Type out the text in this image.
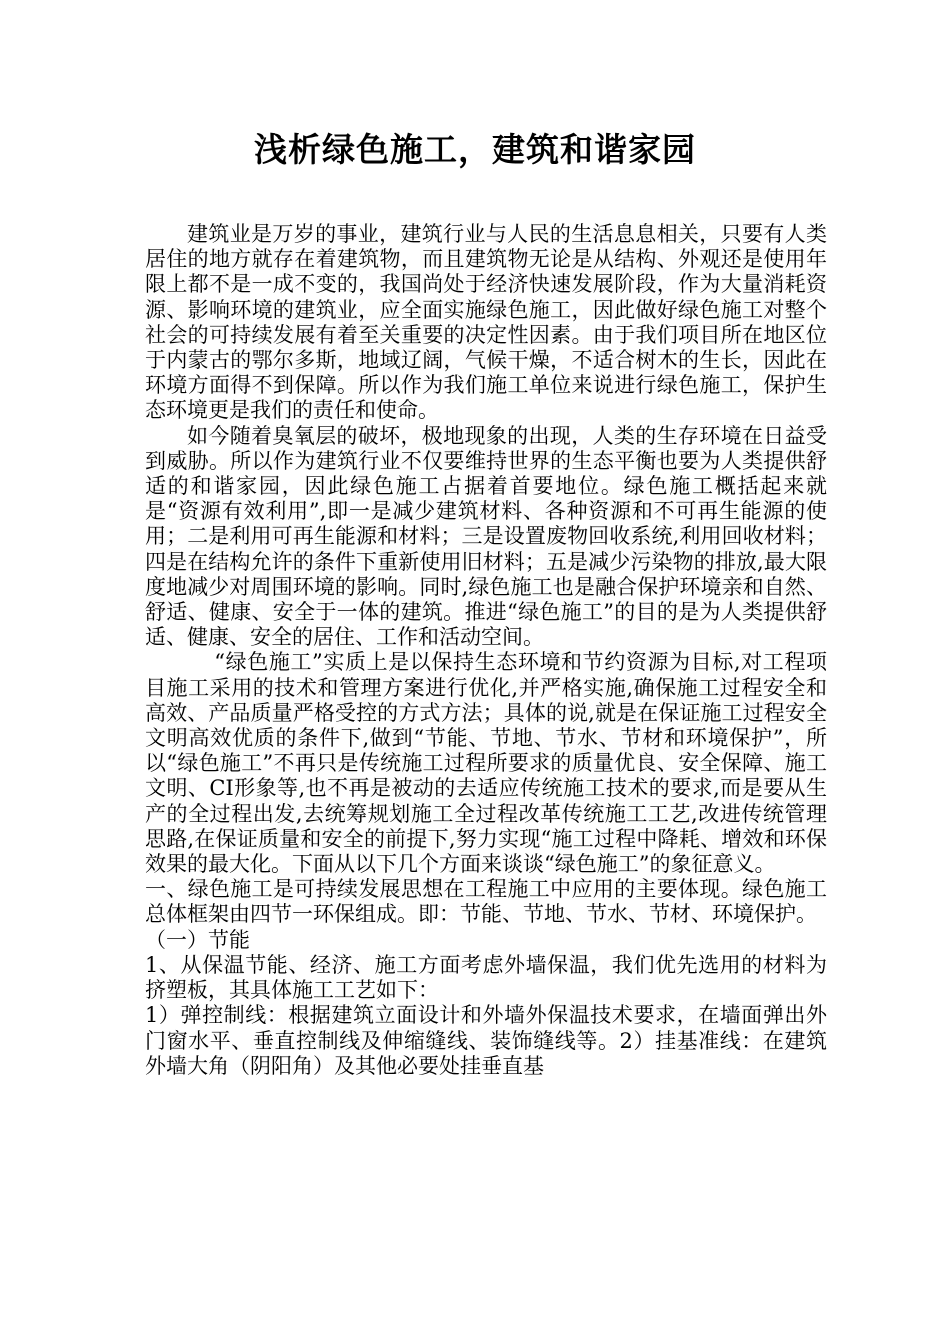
浅析绿色施工，建筑和谐家园

建筑业是万岁的事业，建筑行业与人民的生活息息相关，只要有人类居住的地方就存在着建筑物，而且建筑物无论是从结构、外观还是使用年限上都不是一成不变的，我国尚处于经济快速发展阶段，作为大量消耗资源、影响环境的建筑业，应全面实施绿色施工，因此做好绿色施工对整个社会的可持续发展有着至关重要的决定性因素。由于我们项目所在地区位于内蒙古的鄂尔多斯，地域辽阔，气候干燥，不适合树木的生长，因此在环境方面得不到保障。所以作为我们施工单位来说进行绿色施工，保护生态环境更是我们的责任和使命。

如今随着臭氧层的破坏，极地现象的出现，人类的生存环境在日益受到威胁。所以作为建筑行业不仅要维持世界的生态平衡也要为人类提供舒适的和谐家园，因此绿色施工占据着首要地位。绿色施工概括起来就是“资源有效利用”,即一是减少建筑材料、各种资源和不可再生能源的使用；二是利用可再生能源和材料；三是设置废物回收系统,利用回收材料；四是在结构允许的条件下重新使用旧材料；五是减少污染物的排放,最大限度地减少对周围环境的影响。同时,绿色施工也是融合保护环境亲和自然、舒适、健康、安全于一体的建筑。推进“绿色施工”的目的是为人类提供舒适、健康、安全的居住、工作和活动空间。

“绿色施工”实质上是以保持生态环境和节约资源为目标,对工程项目施工采用的技术和管理方案进行优化,并严格实施,确保施工过程安全和高效、产品质量严格受控的方式方法；具体的说,就是在保证施工过程安全文明高效优质的条件下,做到“节能、节地、节水、节材和环境保护”，所以“绿色施工”不再只是传统施工过程所要求的质量优良、安全保障、施工文明、CI形象等,也不再是被动的去适应传统施工技术的要求,而是要从生产的全过程出发,去统筹规划施工全过程改革传统施工工艺,改进传统管理思路,在保证质量和安全的前提下,努力实现“施工过程中降耗、增效和环保效果的最大化。下面从以下几个方面来谈谈“绿色施工”的象征意义。

一、绿色施工是可持续发展思想在工程施工中应用的主要体现。绿色施工总体框架由四节一环保组成。即：节能、节地、节水、节材、环境保护。

（一）节能

1、从保温节能、经济、施工方面考虑外墙保温，我们优先选用的材料为挤塑板，其具体施工工艺如下：

1）弹控制线：根据建筑立面设计和外墙外保温技术要求，在墙面弹出外门窗水平、垂直控制线及伸缩缝线、装饰缝线等。2）挂基准线：在建筑外墙大角（阴阳角）及其他必要处挂垂直基
